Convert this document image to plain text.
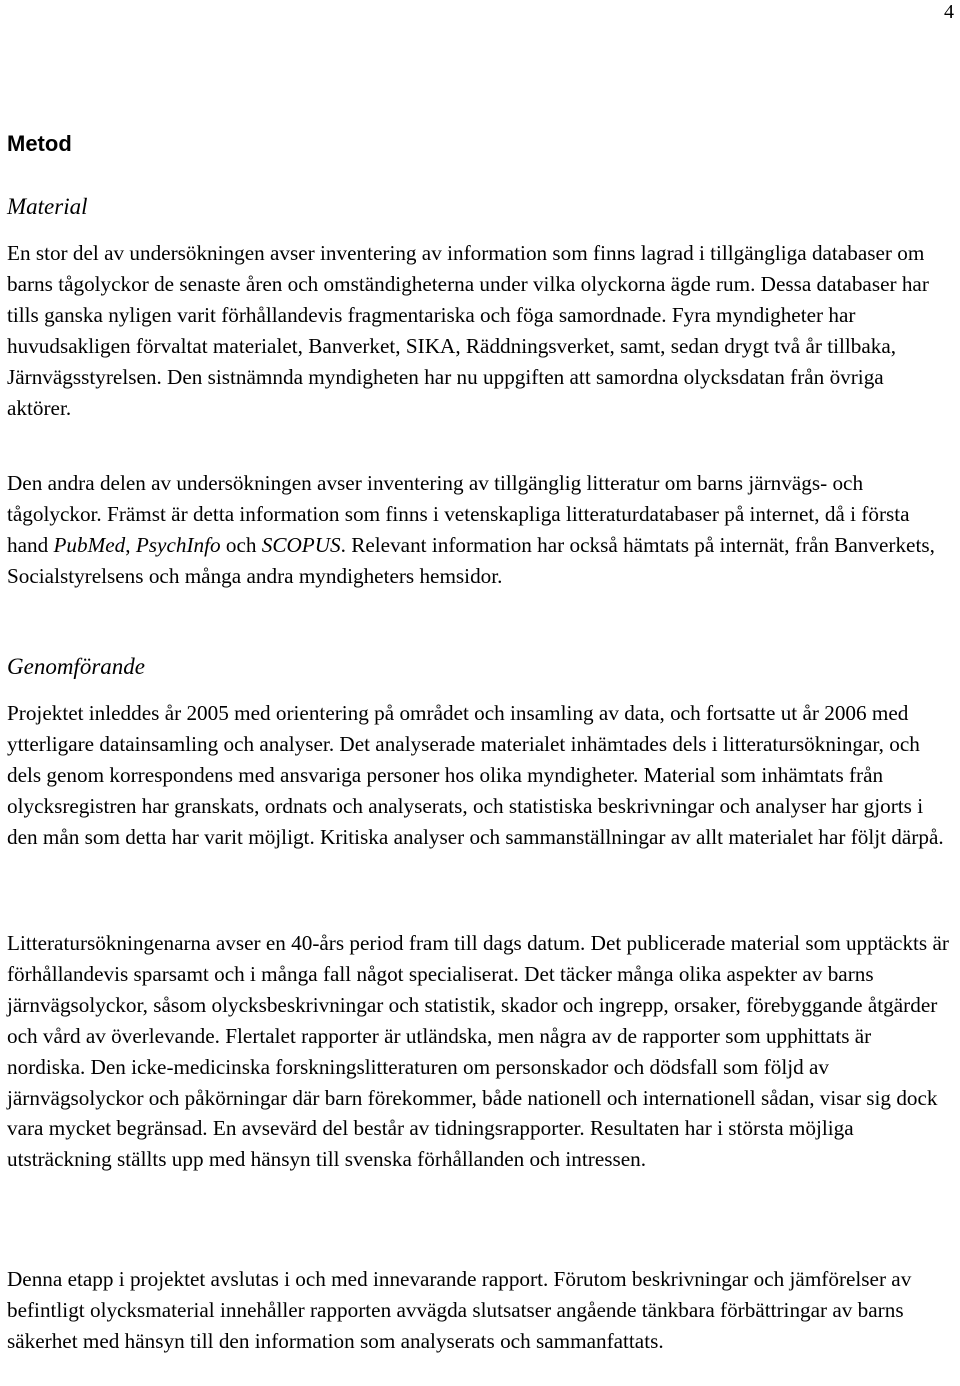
4
Metod
Material

En stor del av undersökningen avser inventering av information som finns lagrad i tillgängliga databaser om barns tågolyckor de senaste åren och omständigheterna under vilka olyckorna ägde rum. Dessa databaser har tills ganska nyligen varit förhållandevis fragmentariska och föga samordnade. Fyra myndigheter har huvudsakligen förvaltat materialet, Banverket, SIKA, Räddningsverket, samt, sedan drygt två år tillbaka, Järnvägsstyrelsen. Den sistnämnda myndigheten har nu uppgiften att samordna olycksdatan från övriga aktörer.

Den andra delen av undersökningen avser inventering av tillgänglig litteratur om barns järnvägs- och tågolyckor. Främst är detta information som finns i vetenskapliga litteraturdatabaser på internet, då i första hand PubMed, PsychInfo och SCOPUS. Relevant information har också hämtats på internät, från Banverkets, Socialstyrelsens och många andra myndigheters hemsidor.

Genomförande

Projektet inleddes år 2005 med orientering på området och insamling av data, och fortsatte ut år 2006 med ytterligare datainsamling och analyser. Det analyserade materialet inhämtades dels i litteratursökningar, och dels genom korrespondens med ansvariga personer hos olika myndigheter. Material som inhämtats från olycksregistren har granskats, ordnats och analyserats, och statistiska beskrivningar och analyser har gjorts i den mån som detta har varit möjligt. Kritiska analyser och sammanställningar av allt materialet har följt därpå.

Litteratursökningenarna avser en 40-års period fram till dags datum. Det publicerade material som upptäckts är förhållandevis sparsamt och i många fall något specialiserat. Det täcker många olika aspekter av barns järnvägsolyckor, såsom olycksbeskrivningar och statistik, skador och ingrepp, orsaker, förebyggande åtgärder och vård av överlevande. Flertalet rapporter är utländska, men några av de rapporter som upphittats är nordiska. Den icke-medicinska forskningslitteraturen om personskador och dödsfall som följd av järnvägsolyckor och påkörningar där barn förekommer, både nationell och internationell sådan, visar sig dock vara mycket begränsad. En avsevärd del består av tidningsrapporter. Resultaten har i största möjliga utsträckning ställts upp med hänsyn till svenska förhållanden och intressen.

Denna etapp i projektet avslutas i och med innevarande rapport. Förutom beskrivningar och jämförelser av befintligt olycksmaterial innehåller rapporten avvägda slutsatser angående tänkbara förbättringar av barns säkerhet med hänsyn till den information som analyserats och sammanfattats.
